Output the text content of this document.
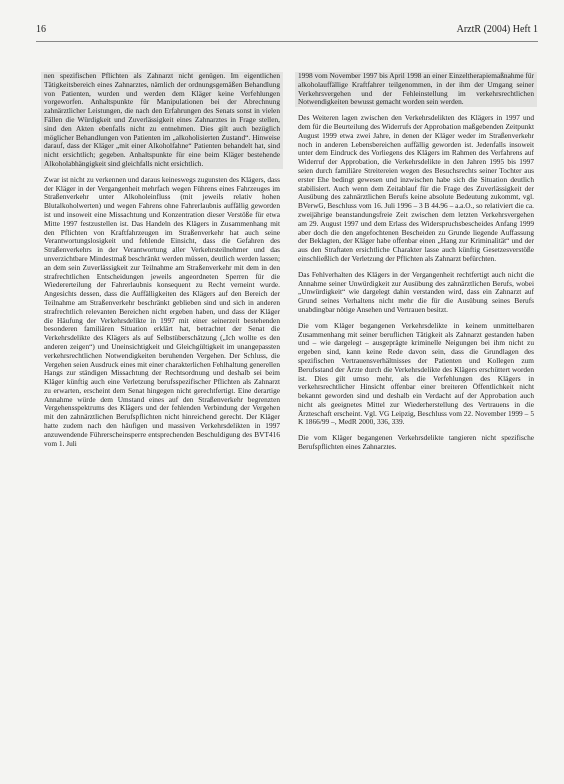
16	ArztR (2004) Heft 1

nen spezifischen Pflichten als Zahnarzt nicht genügen. Im eigentlichen Tätigkeitsbereich eines Zahnarztes, nämlich der ordnungsgemäßen Behandlung von Patienten, wurden und werden dem Kläger keine Verfehlungen vorgeworfen. Anhaltspunkte für Manipulationen bei der Abrechnung zahnärztlicher Leistungen, die nach den Erfahrungen des Senats sonst in vielen Fällen die Würdigkeit und Zuverlässigkeit eines Zahnarztes in Frage stellen, sind den Akten ebenfalls nicht zu entnehmen. Dies gilt auch bezüglich möglicher Behandlungen von Patienten im „alkoholisierten Zustand“. Hinweise darauf, dass der Kläger „mit einer Alkoholfahne“ Patienten behandelt hat, sind nicht ersichtlich; gegeben. Anhaltspunkte für eine beim Kläger bestehende Alkoholabhängigkeit sind gleichfalls nicht ersichtlich.

Zwar ist nicht zu verkennen und daraus keineswegs zugunsten des Klägers, dass der Kläger in der Vergangenheit mehrfach wegen Führens eines Fahrzeuges im Straßenverkehr unter Alkoholeinfluss (mit jeweils relativ hohen Blutalkoholwerten) und wegen Fahrens ohne Fahrerlaubnis auffällig geworden ist und insoweit eine Missachtung und Konzentration dieser Verstöße für etwa Mitte 1997 festzustellen ist. Das Handeln des Klägers in Zusammenhang mit den Pflichten von Kraftfahrzeugen im Straßenverkehr hat auch seine Verantwortungslosigkeit und fehlende Einsicht, dass die Gefahren des Straßenverkehrs in der Verantwortung aller Verkehrsteilnehmer und das unverzichtbare Mindestmaß beschränkt werden müssen, deutlich werden lassen; an dem sein Zuverlässigkeit zur Teilnahme am Straßenverkehr mit dem in den strafrechtlichen Entscheidungen jeweils angeordneten Sperren für die Wiedererteilung der Fahrerlaubnis konsequent zu Recht verneint wurde. Angesichts dessen, dass die Auffälligkeiten des Klägers auf den Bereich der Teilnahme am Straßenverkehr beschränkt geblieben sind und sich in anderen strafrechtlich relevanten Bereichen nicht ergeben haben, und dass der Kläger die Häufung der Verkehrsdelikte in 1997 mit einer seinerzeit bestehenden besonderen familiären Situation erklärt hat, betrachtet der Senat die Verkehrsdelikte des Klägers als auf Selbstüberschätzung („Ich wollte es den anderen zeigen“) und Uneinsichtigkeit und Gleichgültigkeit im unangepassten verkehrsrechtlichen Notwendigkeiten beruhenden Vergehen. Der Schluss, die Vergehen seien Ausdruck eines mit einer charakterlichen Fehlhaltung generellen Hangs zur ständigen Missachtung der Rechtsordnung und deshalb sei beim Kläger künftig auch eine Verletzung berufsspezifischer Pflichten als Zahnarzt zu erwarten, erscheint dem Senat hingegen nicht gerechtfertigt. Eine derartige Annahme würde dem Umstand eines auf den Straßenverkehr begrenzten Vergehensspektrums des Klägers und der fehlenden Verbindung der Vergehen mit den zahnärztlichen Berufspflichten nicht hinreichend gerecht. Der Kläger hatte zudem nach den häufigen und massiven Verkehrsdelikten in 1997 anzuwendende Führerscheinsperre entsprechenden Beschuldigung des BVT416 vom 1. Juli

1998 vom November 1997 bis April 1998 an einer Einzeltherapiemaßnahme für alkoholauffällige Kraftfahrer teilgenommen, in der ihm der Umgang seiner Verkehrsvergehen und der Fehleinstellung im verkehrsrechtlichen Notwendigkeiten bewusst gemacht worden sein werden.

Des Weiteren lagen zwischen den Verkehrsdelikten des Klägers in 1997 und dem für die Beurteilung des Widerrufs der Approbation maßgebenden Zeitpunkt August 1999 etwa zwei Jahre, in denen der Kläger weder im Straßenverkehr noch in anderen Lebensbereichen auffällig geworden ist. Jedenfalls insoweit unter dem Eindruck des Vorliegens des Klägers im Rahmen des Verfahrens auf Widerruf der Approbation, die Verkehrsdelikte in den Jahren 1995 bis 1997 seien durch familiäre Streitereien wegen des Besuchsrechts seiner Tochter aus erster Ehe bedingt gewesen und inzwischen habe sich die Situation deutlich stabilisiert. Auch wenn dem Zeitablauf für die Frage des Zuverlässigkeit der Ausübung des zahnärztlichen Berufs keine absolute Bedeutung zukommt, vgl. BVerwG, Beschluss vom 16. Juli 1996 – 3 B 44.96 – a.a.O., so relativiert die ca. zweijährige beanstandungsfreie Zeit zwischen dem letzten Verkehrsvergehen am 29. August 1997 und dem Erlass des Widerspruchsbescheides Anfang 1999 aber doch die den angefochtenen Bescheiden zu Grunde liegende Auffassung der Beklagten, der Kläger habe offenbar einen „Hang zur Kriminalität“ und der aus den Straftaten ersichtliche Charakter lasse auch künftig Gesetzesverstöße einschließlich der Verletzung der Pflichten als Zahnarzt befürchten.

Das Fehlverhalten des Klägers in der Vergangenheit rechtfertigt auch nicht die Annahme seiner Unwürdigkeit zur Ausübung des zahnärztlichen Berufs, wobei „Unwürdigkeit“ wie dargelegt dahin verstanden wird, dass ein Zahnarzt auf Grund seines Verhaltens nicht mehr die für die Ausübung seines Berufs unabdingbar nötige Ansehen und Vertrauen besitzt.

Die vom Kläger begangenen Verkehrsdelikte in keinem unmittelbaren Zusammenhang mit seiner beruflichen Tätigkeit als Zahnarzt gestanden haben und – wie dargelegt – ausgeprägte kriminelle Neigungen bei ihm nicht zu ergeben sind, kann keine Rede davon sein, dass die Grundlagen des spezifischen Vertrauensverhältnisses der Patienten und Kollegen zum Berufsstand der Ärzte durch die Verkehrsdelikte des Klägers erschüttert worden ist. Dies gilt umso mehr, als die Verfehlungen des Klägers in verkehrsrechtlicher Hinsicht offenbar einer breiteren Öffentlichkeit nicht bekannt geworden sind und deshalb ein Verdacht auf der Approbation auch nicht als geeignetes Mittel zur Wiederherstellung des Vertrauens in die Ärzteschaft erscheint. Vgl. VG Leipzig, Beschluss vom 22. November 1999 – 5 K 1866/99 –, MedR 2000, 336, 339.

Die vom Kläger begangenen Verkehrsdelikte tangieren nicht spezifische Berufspflichten eines Zahnarztes.
